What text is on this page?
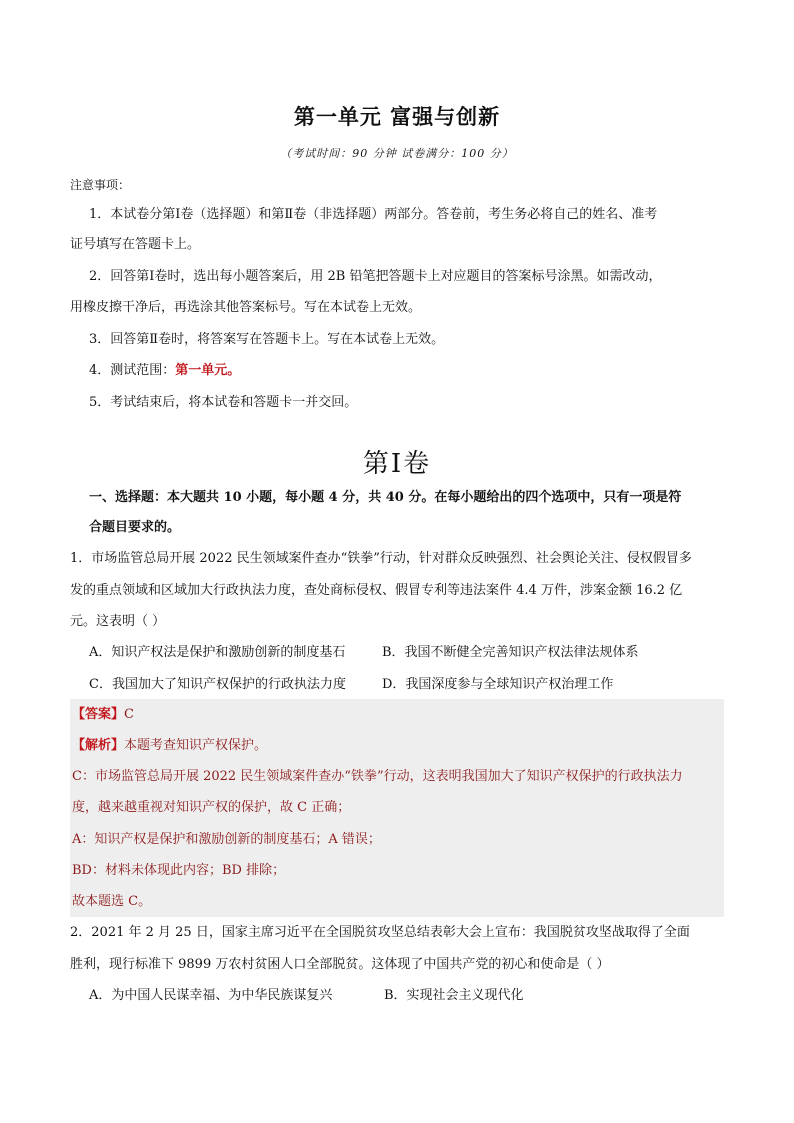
第一单元 富强与创新
（考试时间：90 分钟 试卷满分：100 分）
注意事项：
1．本试卷分第Ⅰ卷（选择题）和第Ⅱ卷（非选择题）两部分。答卷前，考生务必将自己的姓名、准考
证号填写在答题卡上。
2．回答第Ⅰ卷时，选出每小题答案后，用 2B 铅笔把答题卡上对应题目的答案标号涂黑。如需改动，
用橡皮擦干净后，再选涂其他答案标号。写在本试卷上无效。
3．回答第Ⅱ卷时，将答案写在答题卡上。写在本试卷上无效。
4．测试范围：第一单元。
5．考试结束后，将本试卷和答题卡一并交回。
第Ⅰ卷
一、选择题：本大题共 10 小题，每小题 4 分，共 40 分。在每小题给出的四个选项中，只有一项是符
合题目要求的。
1．市场监管总局开展 2022 民生领域案件查办“铁拳”行动，针对群众反映强烈、社会舆论关注、侵权假冒多
发的重点领域和区域加大行政执法力度，查处商标侵权、假冒专利等违法案件 4.4 万件，涉案金额 16.2 亿
元。这表明（ ）
A．知识产权法是保护和激励创新的制度基石	B．我国不断健全完善知识产权法律法规体系
C．我国加大了知识产权保护的行政执法力度	D．我国深度参与全球知识产权治理工作
【答案】C
【解析】本题考查知识产权保护。
C：市场监管总局开展 2022 民生领域案件查办“铁拳”行动，这表明我国加大了知识产权保护的行政执法力
度，越来越重视对知识产权的保护，故 C 正确；
A：知识产权是保护和激励创新的制度基石；A 错误；
BD：材料未体现此内容；BD 排除；
故本题选 C。
2．2021 年 2 月 25 日，国家主席习近平在全国脱贫攻坚总结表彰大会上宣布：我国脱贫攻坚战取得了全面
胜利，现行标准下 9899 万农村贫困人口全部脱贫。这体现了中国共产党的初心和使命是（ ）
A．为中国人民谋幸福、为中华民族谋复兴	B．实现社会主义现代化
